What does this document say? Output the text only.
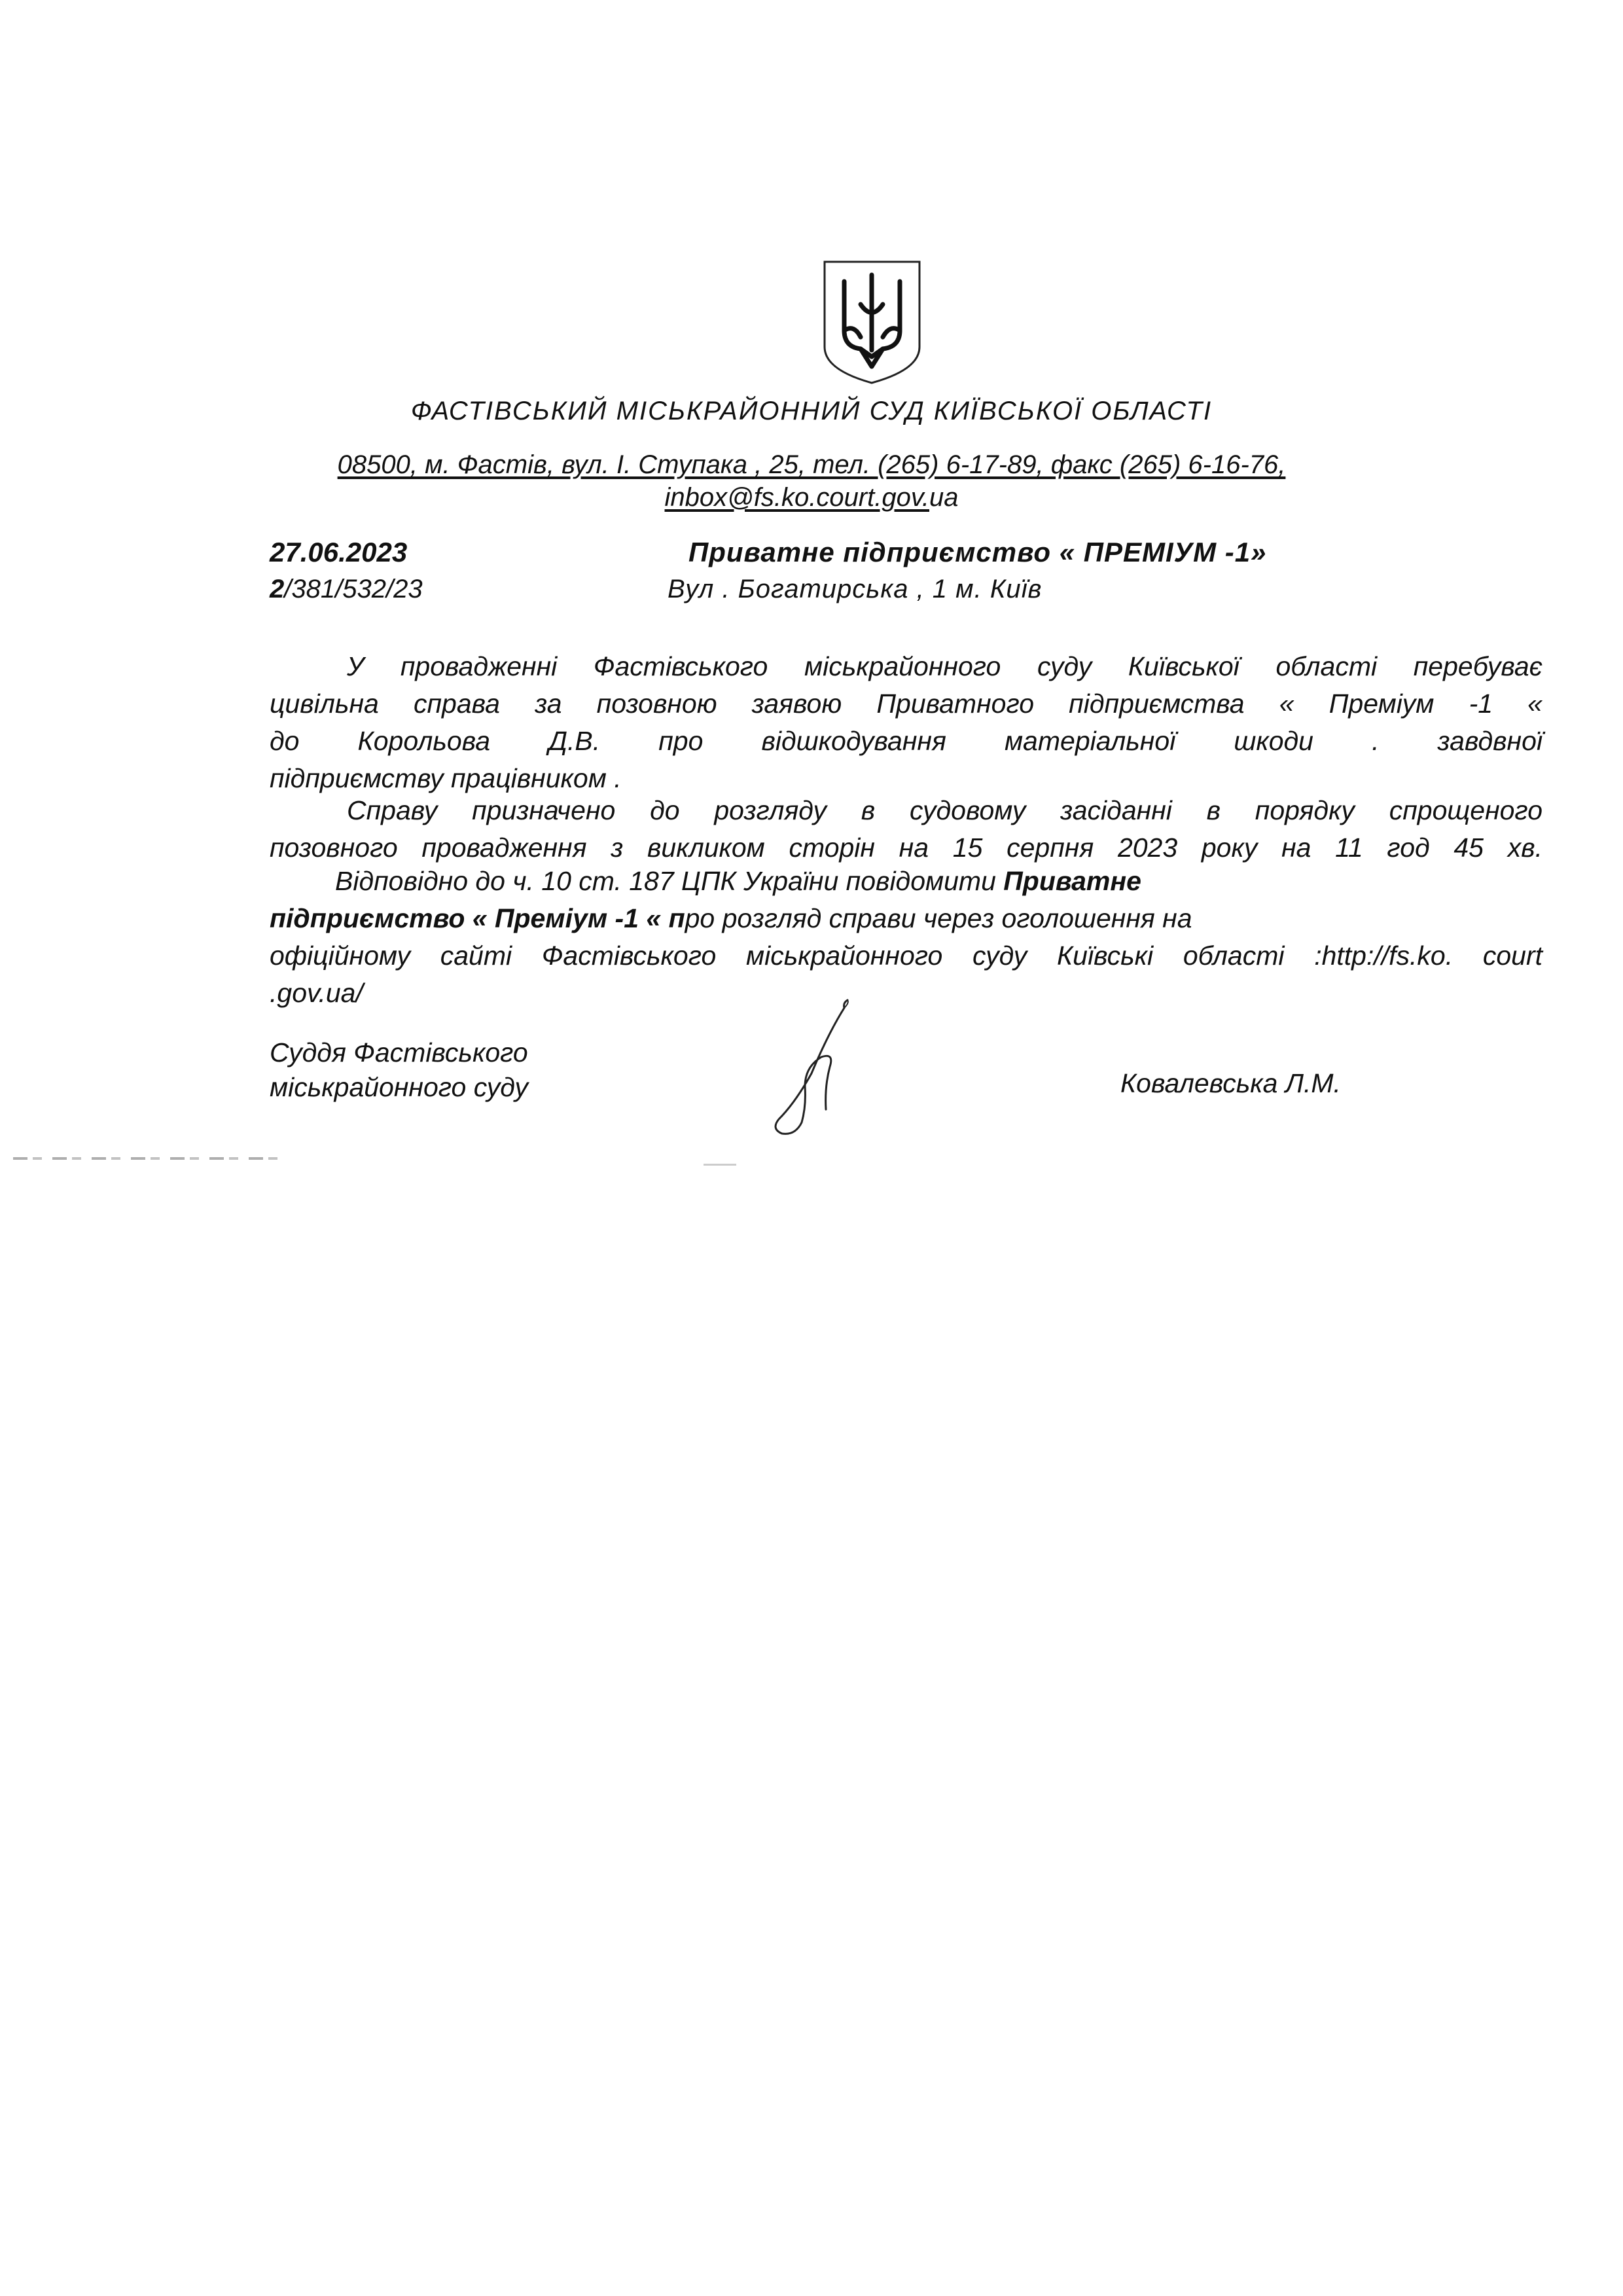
ФАСТІВСЬКИЙ МІСЬКРАЙОННИЙ СУД КИЇВСЬКОЇ ОБЛАСТІ
08500, м. Фастів, вул. І. Ступака , 25, тел. (265) 6-17-89, факс (265) 6-16-76,
inbox@fs.ko.court.gov.ua
27.06.2023
2/381/532/23
Приватне підприємство « ПРЕМІУМ -1»
Вул . Богатирська , 1 м. Київ
У провадженні Фастівського міськрайонного суду Київської області перебуває
цивільна справа за позовною заявою Приватного підприємства « Преміум -1 «
до Корольова Д.В. про відшкодування матеріальної шкоди . завдвної
підприємству працівником .
Справу призначено до розгляду в судовому засіданні в порядку спрощеного
позовного провадження з викликом сторін на 15 серпня 2023 року на 11 год 45 хв.
Відповідно до ч. 10 ст. 187 ЦПК України повідомити Приватне
підприємство « Преміум -1 « про розгляд справи через оголошення на
офіційному сайті Фастівського міськрайонного суду Київські області :http://fs.ko. court
.gov.ua/
Суддя Фастівського
міськрайонного суду	Ковалевська Л.М.
